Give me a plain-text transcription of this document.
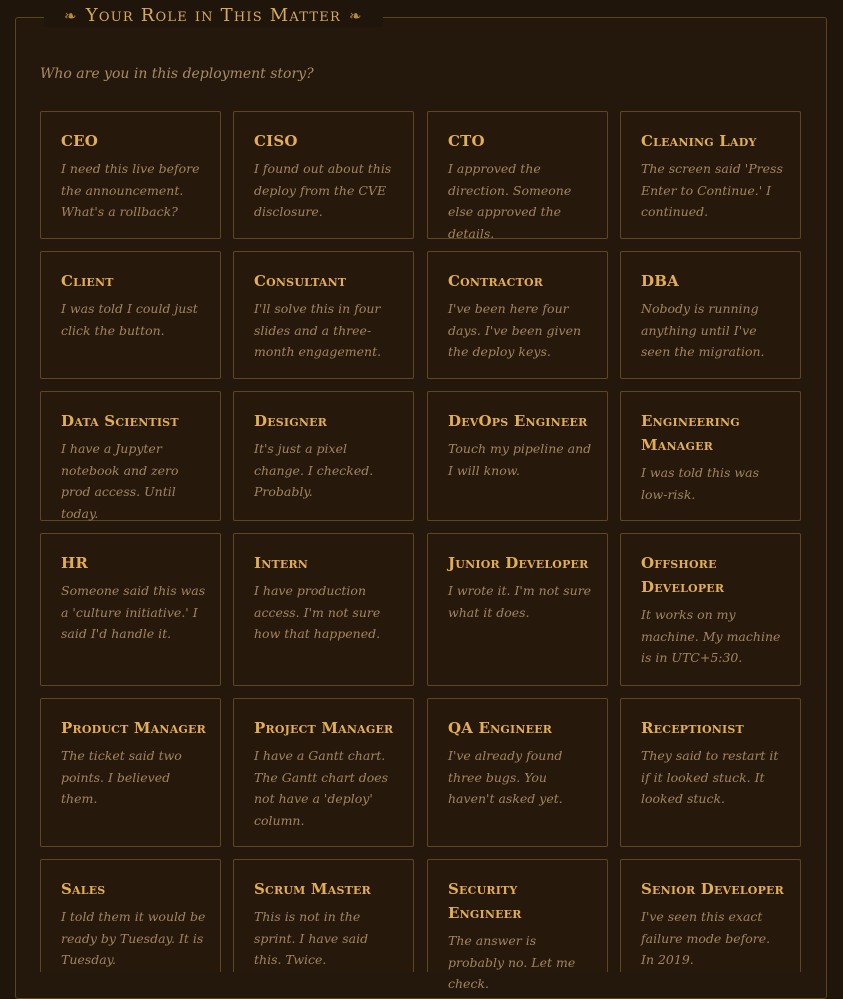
❧ Your Role in This Matter ❧
Who are you in this deployment story?
CEO
I need this live before the announcement. What's a rollback?
CISO
I found out about this deploy from the CVE disclosure.
CTO
I approved the direction. Someone else approved the details.
Cleaning Lady
The screen said 'Press Enter to Continue.' I continued.
Client
I was told I could just click the button.
Consultant
I'll solve this in four slides and a three-month engagement.
Contractor
I've been here four days. I've been given the deploy keys.
DBA
Nobody is running anything until I've seen the migration.
Data Scientist
I have a Jupyter notebook and zero prod access. Until today.
Designer
It's just a pixel change. I checked. Probably.
DevOps Engineer
Touch my pipeline and I will know.
Engineering Manager
I was told this was low-risk.
HR
Someone said this was a 'culture initiative.' I said I'd handle it.
Intern
I have production access. I'm not sure how that happened.
Junior Developer
I wrote it. I'm not sure what it does.
Offshore Developer
It works on my machine. My machine is in UTC+5:30.
Product Manager
The ticket said two points. I believed them.
Project Manager
I have a Gantt chart. The Gantt chart does not have a 'deploy' column.
QA Engineer
I've already found three bugs. You haven't asked yet.
Receptionist
They said to restart it if it looked stuck. It looked stuck.
Sales
I told them it would be ready by Tuesday. It is Tuesday.
Scrum Master
This is not in the sprint. I have said this. Twice.
Security Engineer
The answer is probably no. Let me check.
Senior Developer
I've seen this exact failure mode before. In 2019.
